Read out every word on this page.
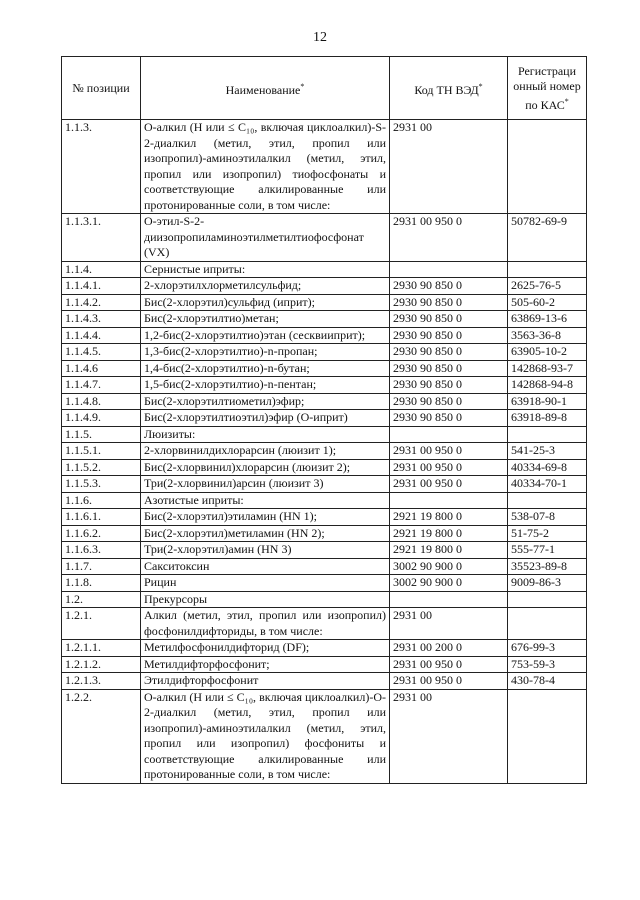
12
№ позиции	Наименование*	Код ТН ВЭД*	Регистраци онный номер по КАС*
1.1.3.	O-алкил (H или ≤ C₁₀, включая циклоалкил)-S-2-диалкил (метил, этил, пропил или изопропил)-аминоэтилалкил (метил, этил, пропил или изопропил) тиофосфонаты и соответствующие алкилированные или протонированные соли, в том числе:	2931 00	
1.1.3.1.	O-этил-S-2-диизопропиламиноэтилметилтиофосфонат (VX)	2931 00 950 0	50782-69-9
1.1.4.	Сернистые иприты:		
1.1.4.1.	2-хлорэтилхлорметилсульфид;	2930 90 850 0	2625-76-5
1.1.4.2.	Бис(2-хлорэтил)сульфид (иприт);	2930 90 850 0	505-60-2
1.1.4.3.	Бис(2-хлорэтилтио)метан;	2930 90 850 0	63869-13-6
1.1.4.4.	1,2-бис(2-хлорэтилтио)этан (сесквииприт);	2930 90 850 0	3563-36-8
1.1.4.5.	1,3-бис(2-хлорэтилтио)-n-пропан;	2930 90 850 0	63905-10-2
1.1.4.6	1,4-бис(2-хлорэтилтио)-n-бутан;	2930 90 850 0	142868-93-7
1.1.4.7.	1,5-бис(2-хлорэтилтио)-n-пентан;	2930 90 850 0	142868-94-8
1.1.4.8.	Бис(2-хлорэтилтиометил)эфир;	2930 90 850 0	63918-90-1
1.1.4.9.	Бис(2-хлорэтилтиоэтил)эфир (O-иприт)	2930 90 850 0	63918-89-8
1.1.5.	Люизиты:		
1.1.5.1.	2-хлорвинилдихлорарсин (люизит 1);	2931 00 950 0	541-25-3
1.1.5.2.	Бис(2-хлорвинил)хлорарсин (люизит 2);	2931 00 950 0	40334-69-8
1.1.5.3.	Три(2-хлорвинил)арсин (люизит 3)	2931 00 950 0	40334-70-1
1.1.6.	Азотистые иприты:		
1.1.6.1.	Бис(2-хлорэтил)этиламин (HN 1);	2921 19 800 0	538-07-8
1.1.6.2.	Бис(2-хлорэтил)метиламин (HN 2);	2921 19 800 0	51-75-2
1.1.6.3.	Три(2-хлорэтил)амин (HN 3)	2921 19 800 0	555-77-1
1.1.7.	Сакситоксин	3002 90 900 0	35523-89-8
1.1.8.	Рицин	3002 90 900 0	9009-86-3
1.2.	Прекурсоры		
1.2.1.	Алкил (метил, этил, пропил или изопропил) фосфонилдифториды, в том числе:	2931 00	
1.2.1.1.	Метилфосфонилдифторид (DF);	2931 00 200 0	676-99-3
1.2.1.2.	Метилдифторфосфонит;	2931 00 950 0	753-59-3
1.2.1.3.	Этилдифторфосфонит	2931 00 950 0	430-78-4
1.2.2.	O-алкил (H или ≤ C₁₀, включая циклоалкил)-O-2-диалкил (метил, этил, пропил или изопропил)-аминоэтилалкил (метил, этил, пропил или изопропил) фосфониты и соответствующие алкилированные или протонированные соли, в том числе:	2931 00	
